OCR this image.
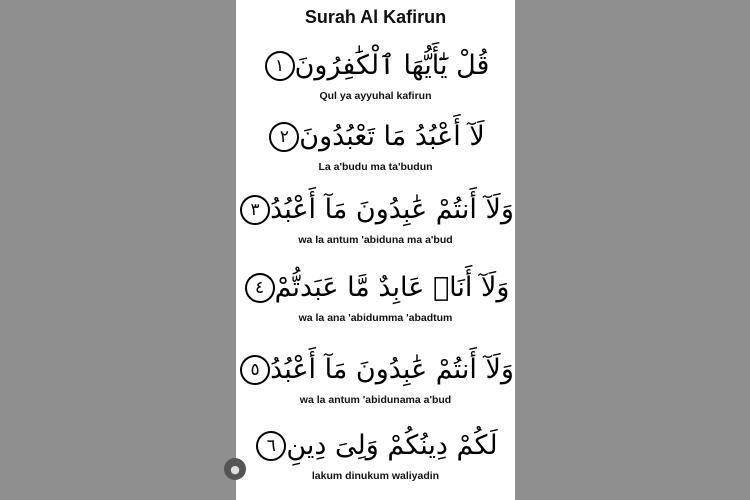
Surah Al Kafirun
١ قُلْ يَٰٓأَيُّهَا ٱلْكَٰفِرُونَ
Qul ya ayyuhal kafirun
٢ لَآ أَعْبُدُ مَا تَعْبُدُونَ
La a'budu ma ta'budun
٣ وَلَآ أَنتُمْ عَٰبِدُونَ مَآ أَعْبُدُ
wa la antum 'abiduna ma a'bud
٤ وَلَآ أَنَا۠ عَابِدٌ مَّا عَبَدتُّمْ
wa la ana 'abidumma 'abadtum
٥ وَلَآ أَنتُمْ عَٰبِدُونَ مَآ أَعْبُدُ
wa la antum 'abidunama a'bud
٦ لَكُمْ دِينُكُمْ وَلِىَ دِينِ
lakum dinukum waliyadin
●
